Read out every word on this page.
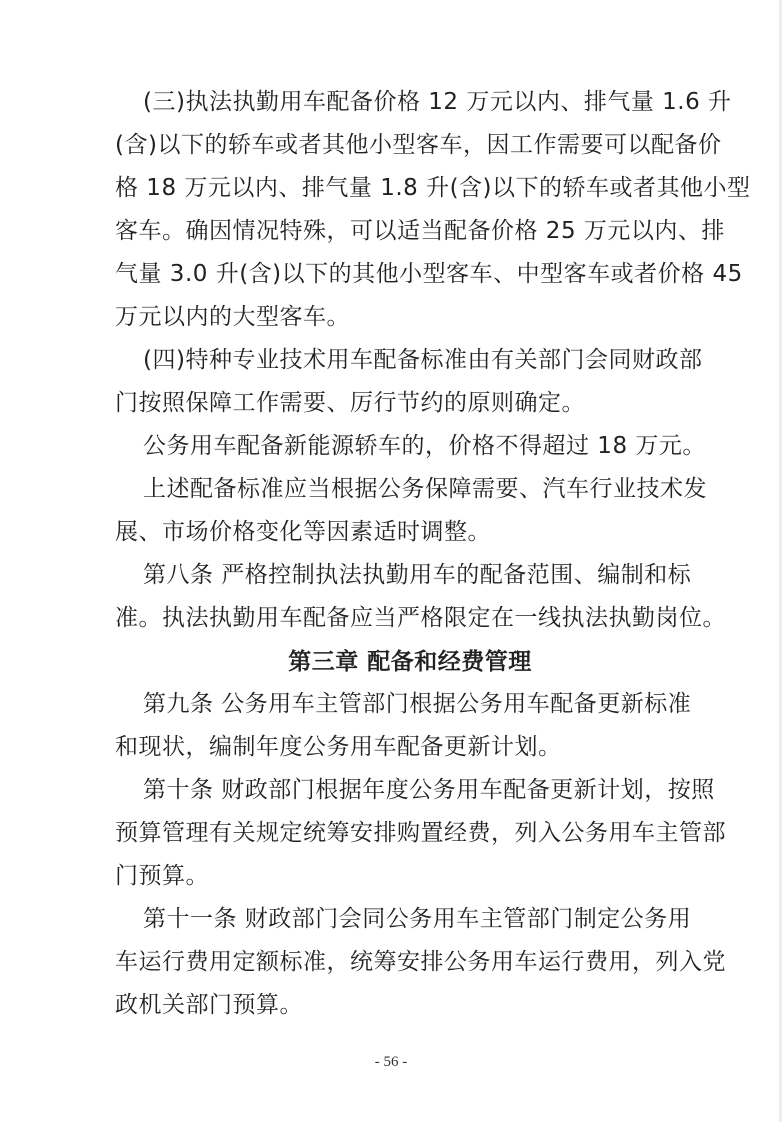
(三)执法执勤用车配备价格 12 万元以内、排气量 1.6 升
(含)以下的轿车或者其他小型客车，因工作需要可以配备价
格 18 万元以内、排气量 1.8 升(含)以下的轿车或者其他小型
客车。确因情况特殊，可以适当配备价格 25 万元以内、排
气量 3.0 升(含)以下的其他小型客车、中型客车或者价格 45
万元以内的大型客车。
(四)特种专业技术用车配备标准由有关部门会同财政部
门按照保障工作需要、厉行节约的原则确定。
公务用车配备新能源轿车的，价格不得超过 18 万元。
上述配备标准应当根据公务保障需要、汽车行业技术发
展、市场价格变化等因素适时调整。
第八条 严格控制执法执勤用车的配备范围、编制和标
准。执法执勤用车配备应当严格限定在一线执法执勤岗位。
第三章 配备和经费管理
第九条 公务用车主管部门根据公务用车配备更新标准
和现状，编制年度公务用车配备更新计划。
第十条 财政部门根据年度公务用车配备更新计划，按照
预算管理有关规定统筹安排购置经费，列入公务用车主管部
门预算。
第十一条 财政部门会同公务用车主管部门制定公务用
车运行费用定额标准，统筹安排公务用车运行费用，列入党
政机关部门预算。
- 56 -
